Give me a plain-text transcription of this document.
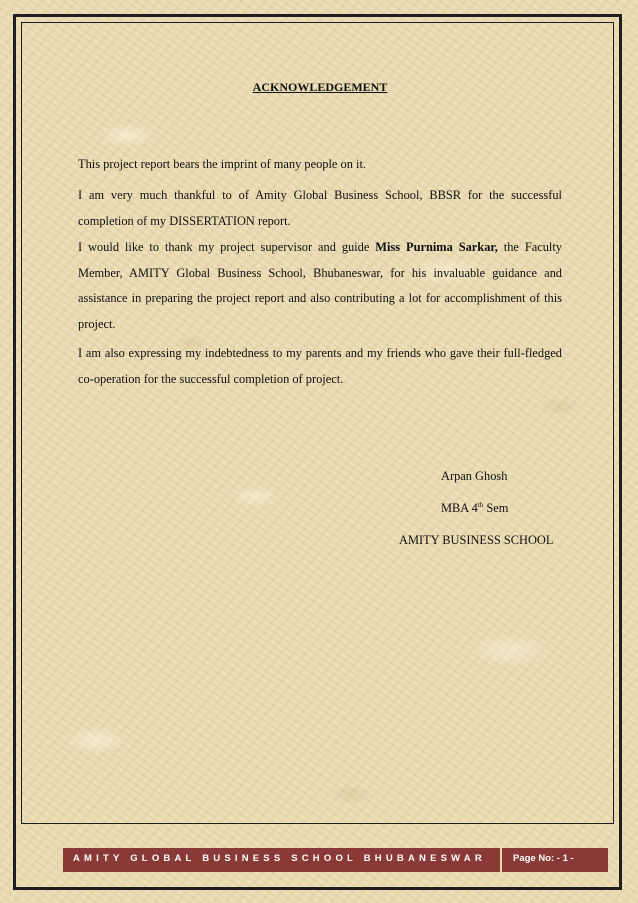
ACKNOWLEDGEMENT

This project report bears the imprint of many people on it.

I am very much thankful to of Amity Global Business School, BBSR for the successful completion of my DISSERTATION report.

I would like to thank my project supervisor and guide Miss Purnima Sarkar, the Faculty Member, AMITY Global Business School, Bhubaneswar, for his invaluable guidance and assistance in preparing the project report and also contributing a lot for accomplishment of this project.

I am also expressing my indebtedness to my parents and my friends who gave their full-fledged co-operation for the successful completion of project.

Arpan Ghosh
MBA 4th Sem
AMITY BUSINESS SCHOOL
AMITY GLOBAL BUSINESS SCHOOL BHUBANESWAR	Page No: - 1 -
